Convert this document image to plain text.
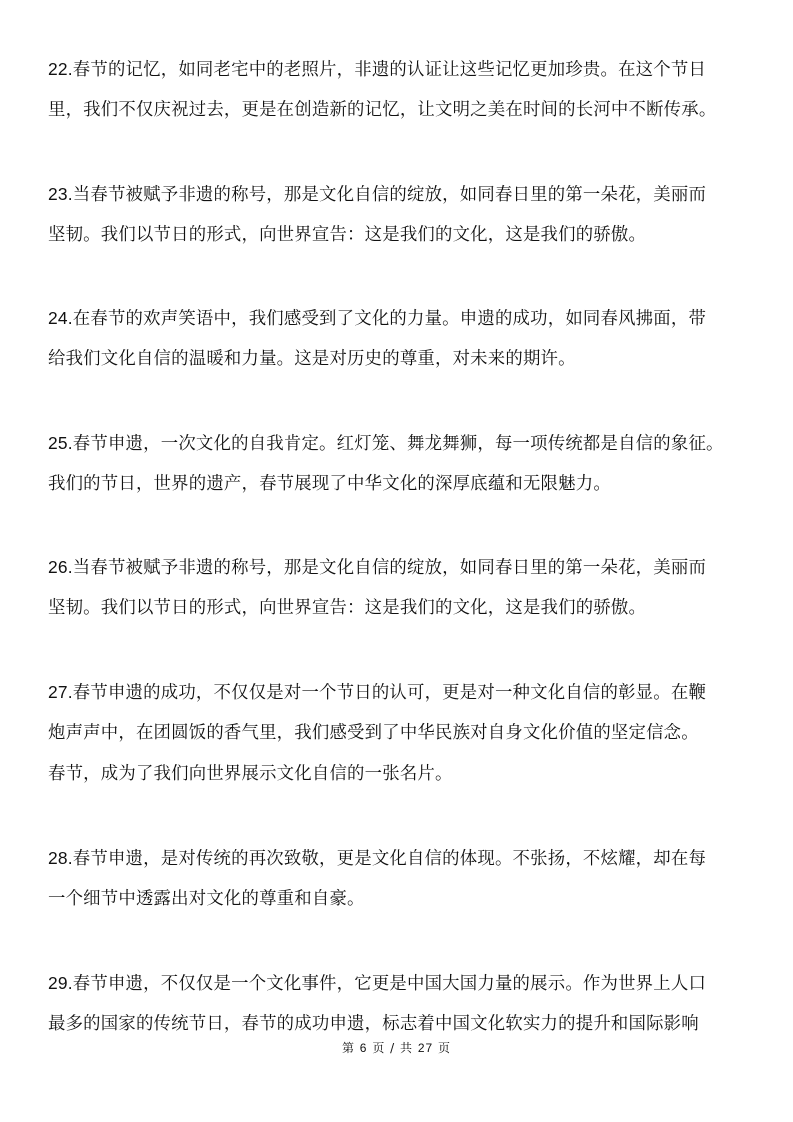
22.春节的记忆，如同老宅中的老照片，非遗的认证让这些记忆更加珍贵。在这个节日
里，我们不仅庆祝过去，更是在创造新的记忆，让文明之美在时间的长河中不断传承。

23.当春节被赋予非遗的称号，那是文化自信的绽放，如同春日里的第一朵花，美丽而
坚韧。我们以节日的形式，向世界宣告：这是我们的文化，这是我们的骄傲。

24.在春节的欢声笑语中，我们感受到了文化的力量。申遗的成功，如同春风拂面，带
给我们文化自信的温暖和力量。这是对历史的尊重，对未来的期许。

25.春节申遗，一次文化的自我肯定。红灯笼、舞龙舞狮，每一项传统都是自信的象征。
我们的节日，世界的遗产，春节展现了中华文化的深厚底蕴和无限魅力。

26.当春节被赋予非遗的称号，那是文化自信的绽放，如同春日里的第一朵花，美丽而
坚韧。我们以节日的形式，向世界宣告：这是我们的文化，这是我们的骄傲。

27.春节申遗的成功，不仅仅是对一个节日的认可，更是对一种文化自信的彰显。在鞭
炮声声中，在团圆饭的香气里，我们感受到了中华民族对自身文化价值的坚定信念。
春节，成为了我们向世界展示文化自信的一张名片。

28.春节申遗，是对传统的再次致敬，更是文化自信的体现。不张扬，不炫耀，却在每
一个细节中透露出对文化的尊重和自豪。

29.春节申遗，不仅仅是一个文化事件，它更是中国大国力量的展示。作为世界上人口
最多的国家的传统节日，春节的成功申遗，标志着中国文化软实力的提升和国际影响

第 6 页 / 共 27 页
